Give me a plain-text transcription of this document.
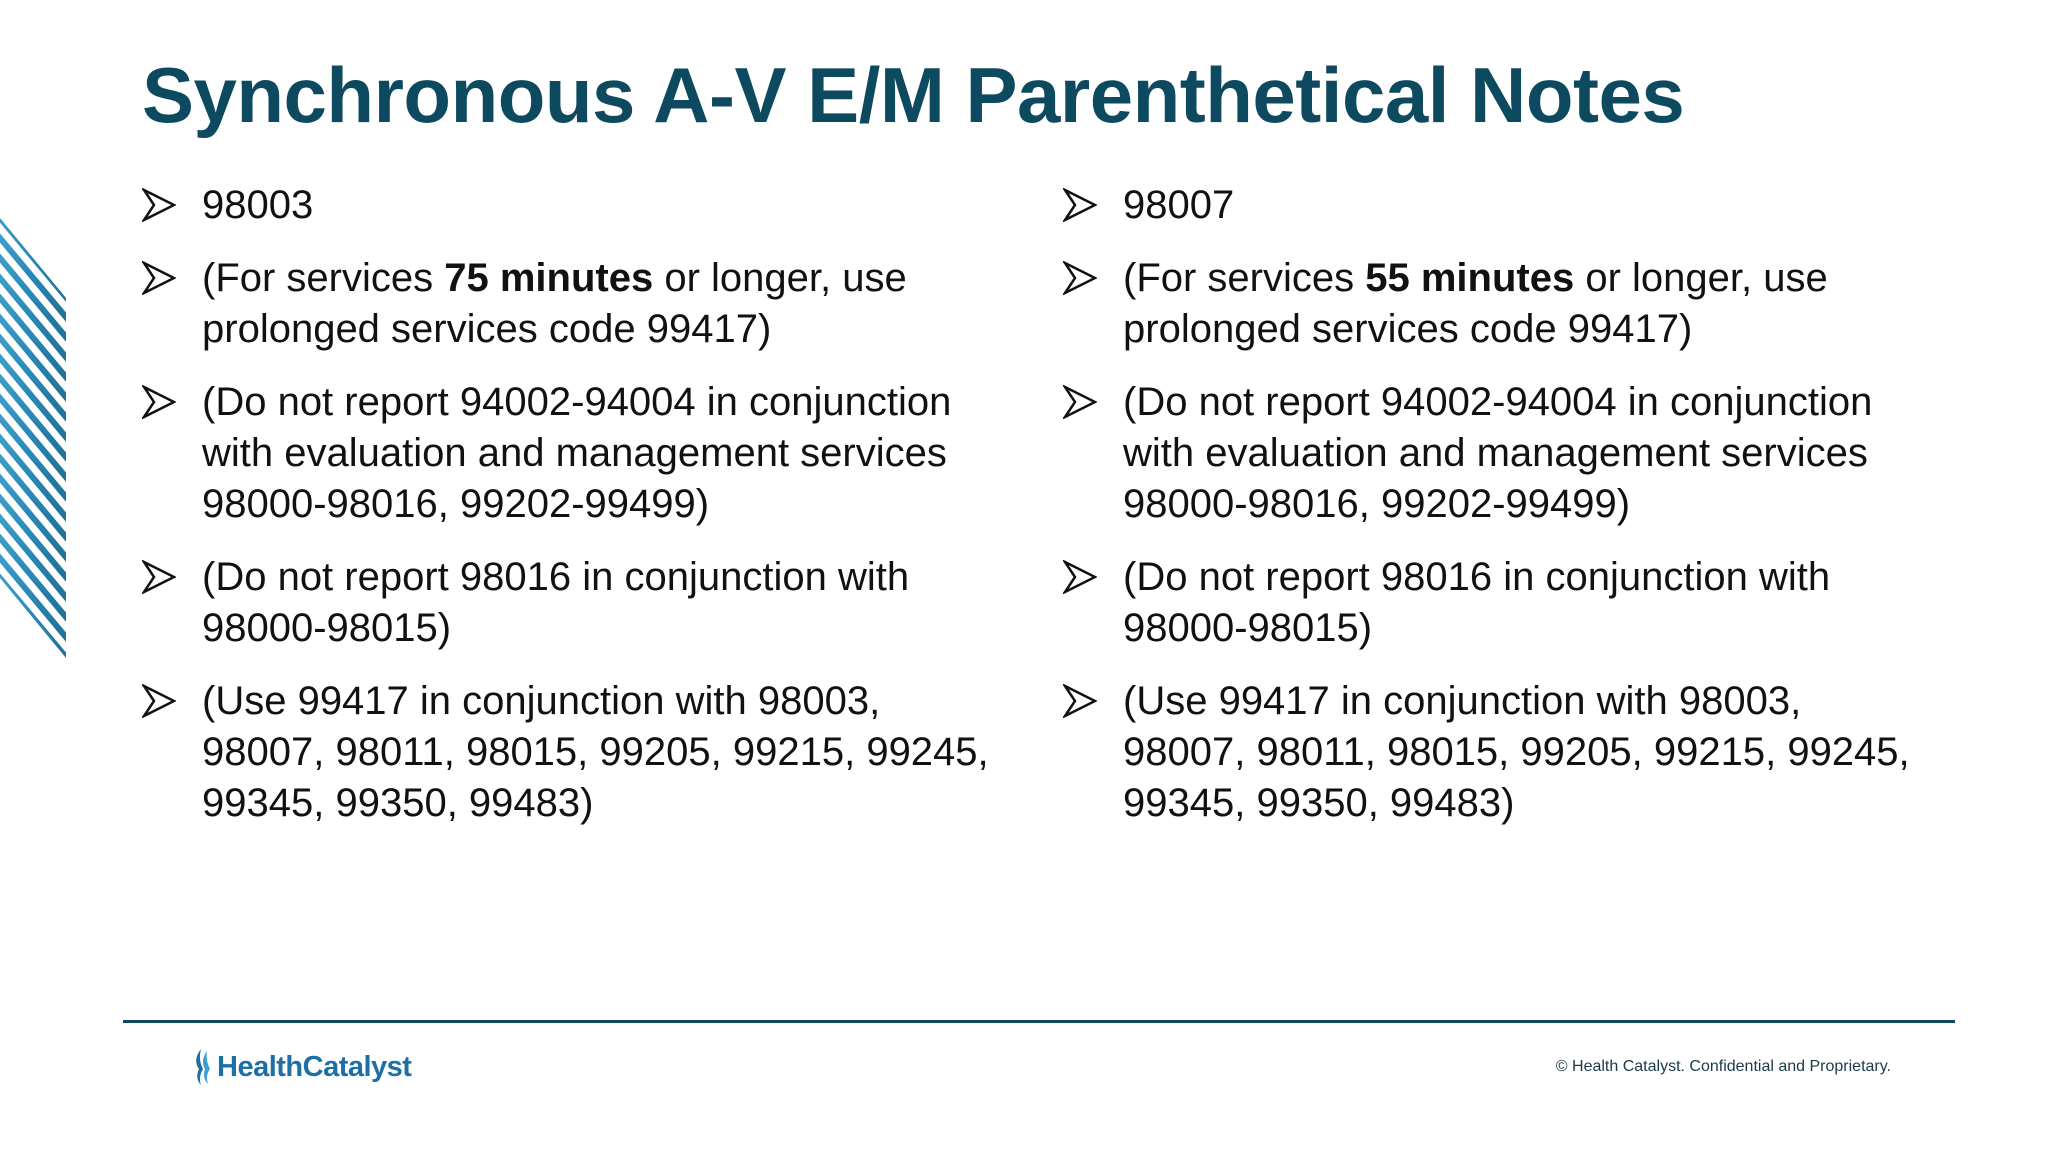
Synchronous A-V E/M Parenthetical Notes
98003
(For services 75 minutes or longer, use prolonged services code 99417)
(Do not report 94002-94004 in conjunction with evaluation and management services 98000-98016, 99202-99499)
(Do not report 98016 in conjunction with 98000-98015)
(Use 99417 in conjunction with 98003, 98007, 98011, 98015, 99205, 99215, 99245, 99345, 99350, 99483)
98007
(For services 55 minutes or longer, use prolonged services code 99417)
(Do not report 94002-94004 in conjunction with evaluation and management services 98000-98016, 99202-99499)
(Do not report 98016 in conjunction with 98000-98015)
(Use 99417 in conjunction with 98003, 98007, 98011, 98015, 99205, 99215, 99245, 99345, 99350, 99483)
HealthCatalyst	© Health Catalyst. Confidential and Proprietary.
